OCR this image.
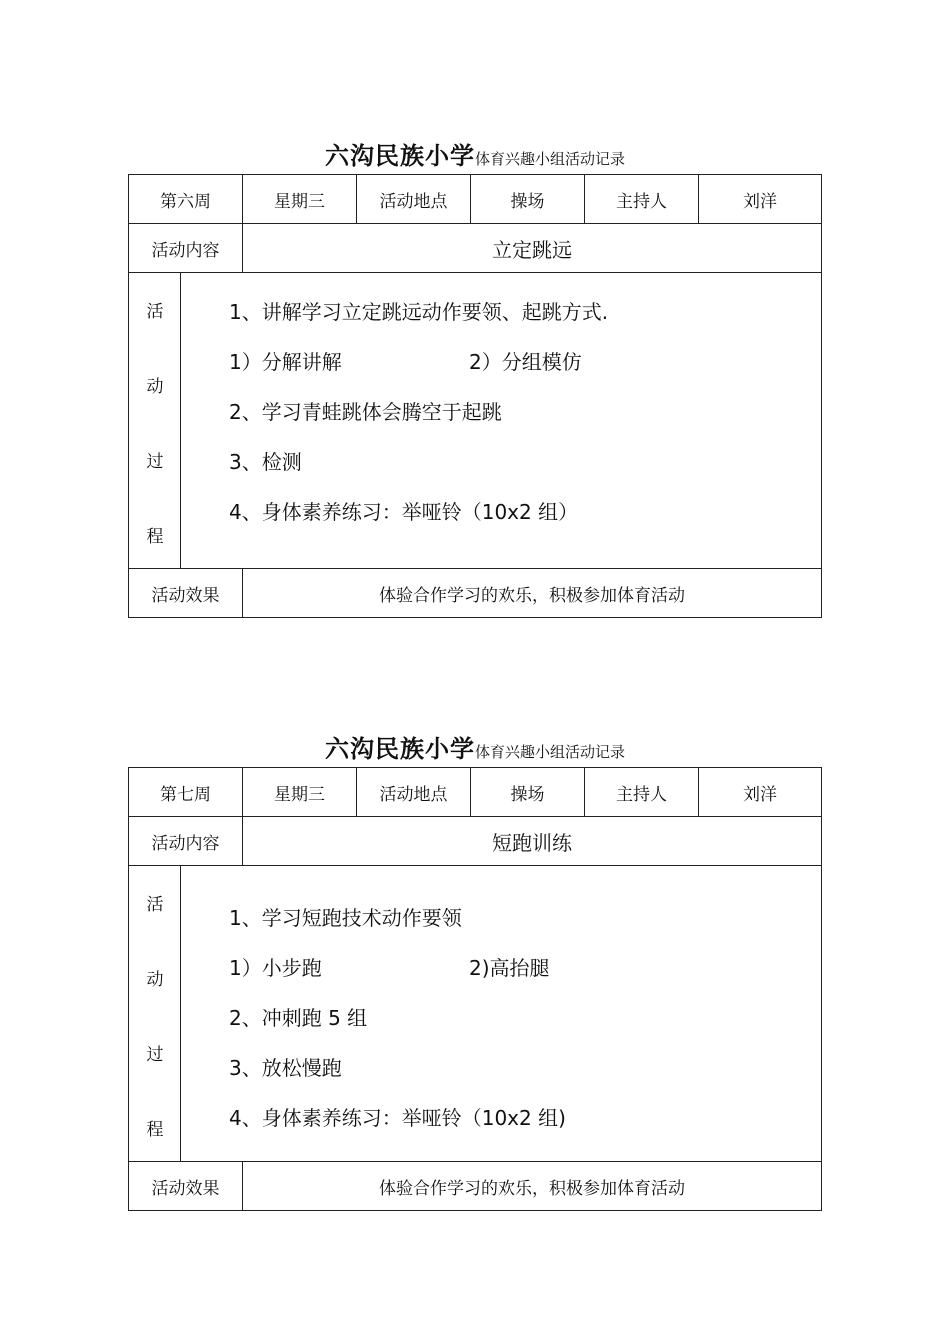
六沟民族小学体育兴趣小组活动记录
第六周	星期三	活动地点	操场	主持人	刘洋
活动内容	立定跳远
活
动
过
程
1、讲解学习立定跳远动作要领、起跳方式.
1）分解讲解	2）分组模仿
2、学习青蛙跳体会腾空于起跳
3、检测
4、身体素养练习：举哑铃（10x2 组）
活动效果	体验合作学习的欢乐，积极参加体育活动
六沟民族小学体育兴趣小组活动记录
第七周	星期三	活动地点	操场	主持人	刘洋
活动内容	短跑训练
活
动
过
程
1、学习短跑技术动作要领
1）小步跑	2)高抬腿
2、冲刺跑 5 组
3、放松慢跑
4、身体素养练习：举哑铃（10x2 组)
活动效果	体验合作学习的欢乐，积极参加体育活动
